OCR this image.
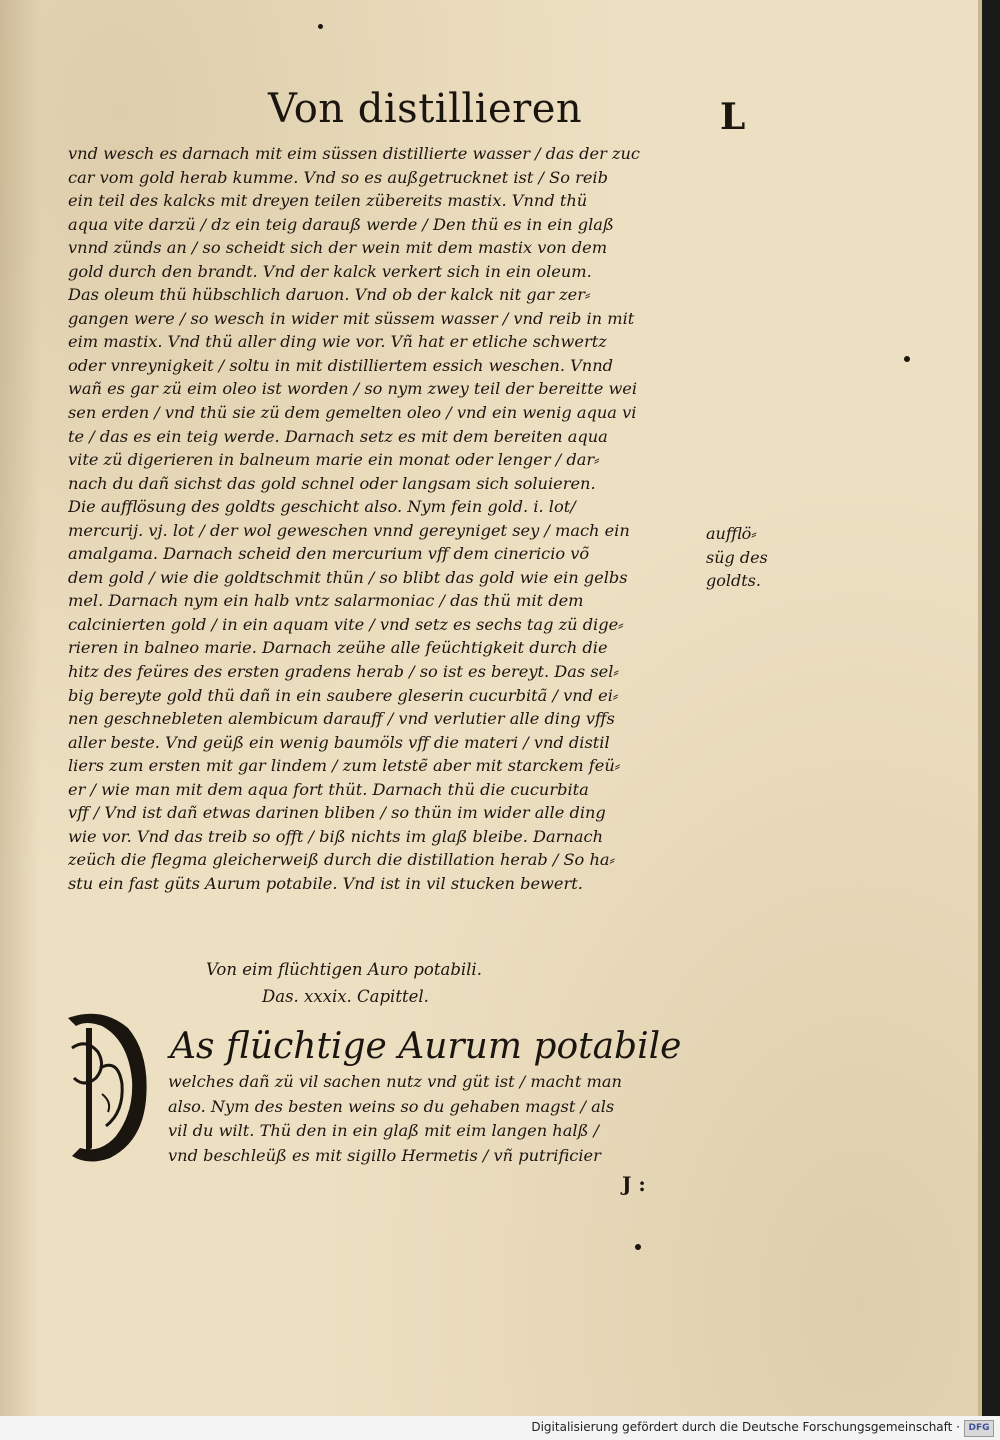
Von distillieren	L
vnd wesch es darnach mit eim süssen distillierte wasser / das der zuc
car vom gold herab kumme. Vnd so es außgetrucknet ist / So reib
ein teil des kalcks mit dreyen teilen zübereits mastix. Vnnd thü
aqua vite darzü / dz ein teig darauß werde / Den thü es in ein glaß
vnnd zünds an / so scheidt sich der wein mit dem mastix von dem
gold durch den brandt. Vnd der kalck verkert sich in ein oleum.
Das oleum thü hübschlich daruon. Vnd ob der kalck nit gar zer⸗
gangen were / so wesch in wider mit süssem wasser / vnd reib in mit
eim mastix. Vnd thü aller ding wie vor. Vñ hat er etliche schwertz
oder vnreynigkeit / soltu in mit distilliertem essich weschen. Vnnd
wañ es gar zü eim oleo ist worden / so nym zwey teil der bereitte wei
sen erden / vnd thü sie zü dem gemelten oleo / vnd ein wenig aqua vi
te / das es ein teig werde. Darnach setz es mit dem bereiten aqua
vite zü digerieren in balneum marie ein monat oder lenger / dar⸗
nach du dañ sichst das gold schnel oder langsam sich soluieren.
Die aufflösung des goldts geschicht also. Nym fein gold. i. lot/
mercurij. vj. lot / der wol geweschen vnnd gereyniget sey / mach ein
amalgama. Darnach scheid den mercurium vff dem cinericio võ
dem gold / wie die goldtschmit thün / so blibt das gold wie ein gelbs
mel. Darnach nym ein halb vntz salarmoniac / das thü mit dem
calcinierten gold / in ein aquam vite / vnd setz es sechs tag zü dige⸗
rieren in balneo marie. Darnach zeühe alle feüchtigkeit durch die
hitz des feüres des ersten gradens herab / so ist es bereyt. Das sel⸗
big bereyte gold thü dañ in ein saubere gleserin cucurbitã / vnd ei⸗
nen geschnebleten alembicum darauff / vnd verlutier alle ding vffs
aller beste. Vnd geüß ein wenig baumöls vff die materi / vnd distil
liers zum ersten mit gar lindem / zum letstẽ aber mit starckem feü⸗
er / wie man mit dem aqua fort thüt. Darnach thü die cucurbita
vff / Vnd ist dañ etwas darinen bliben / so thün im wider alle ding
wie vor. Vnd das treib so offt / biß nichts im glaß bleibe. Darnach
zeüch die flegma gleicherweiß durch die distillation herab / So ha⸗
stu ein fast güts Aurum potabile. Vnd ist in vil stucken bewert.
aufflö⸗
süg des
goldts.
Von eim flüchtigen Auro potabili.
Das. xxxix. Capittel.
As flüchtige Aurum potabile
welches dañ zü vil sachen nutz vnd güt ist / macht man
also. Nym des besten weins so du gehaben magst / als
vil du wilt. Thü den in ein glaß mit eim langen halß /
vnd beschleüß es mit sigillo Hermetis / vñ putrificier
J :
Digitalisierung gefördert durch die Deutsche Forschungsgemeinschaft · DFG
